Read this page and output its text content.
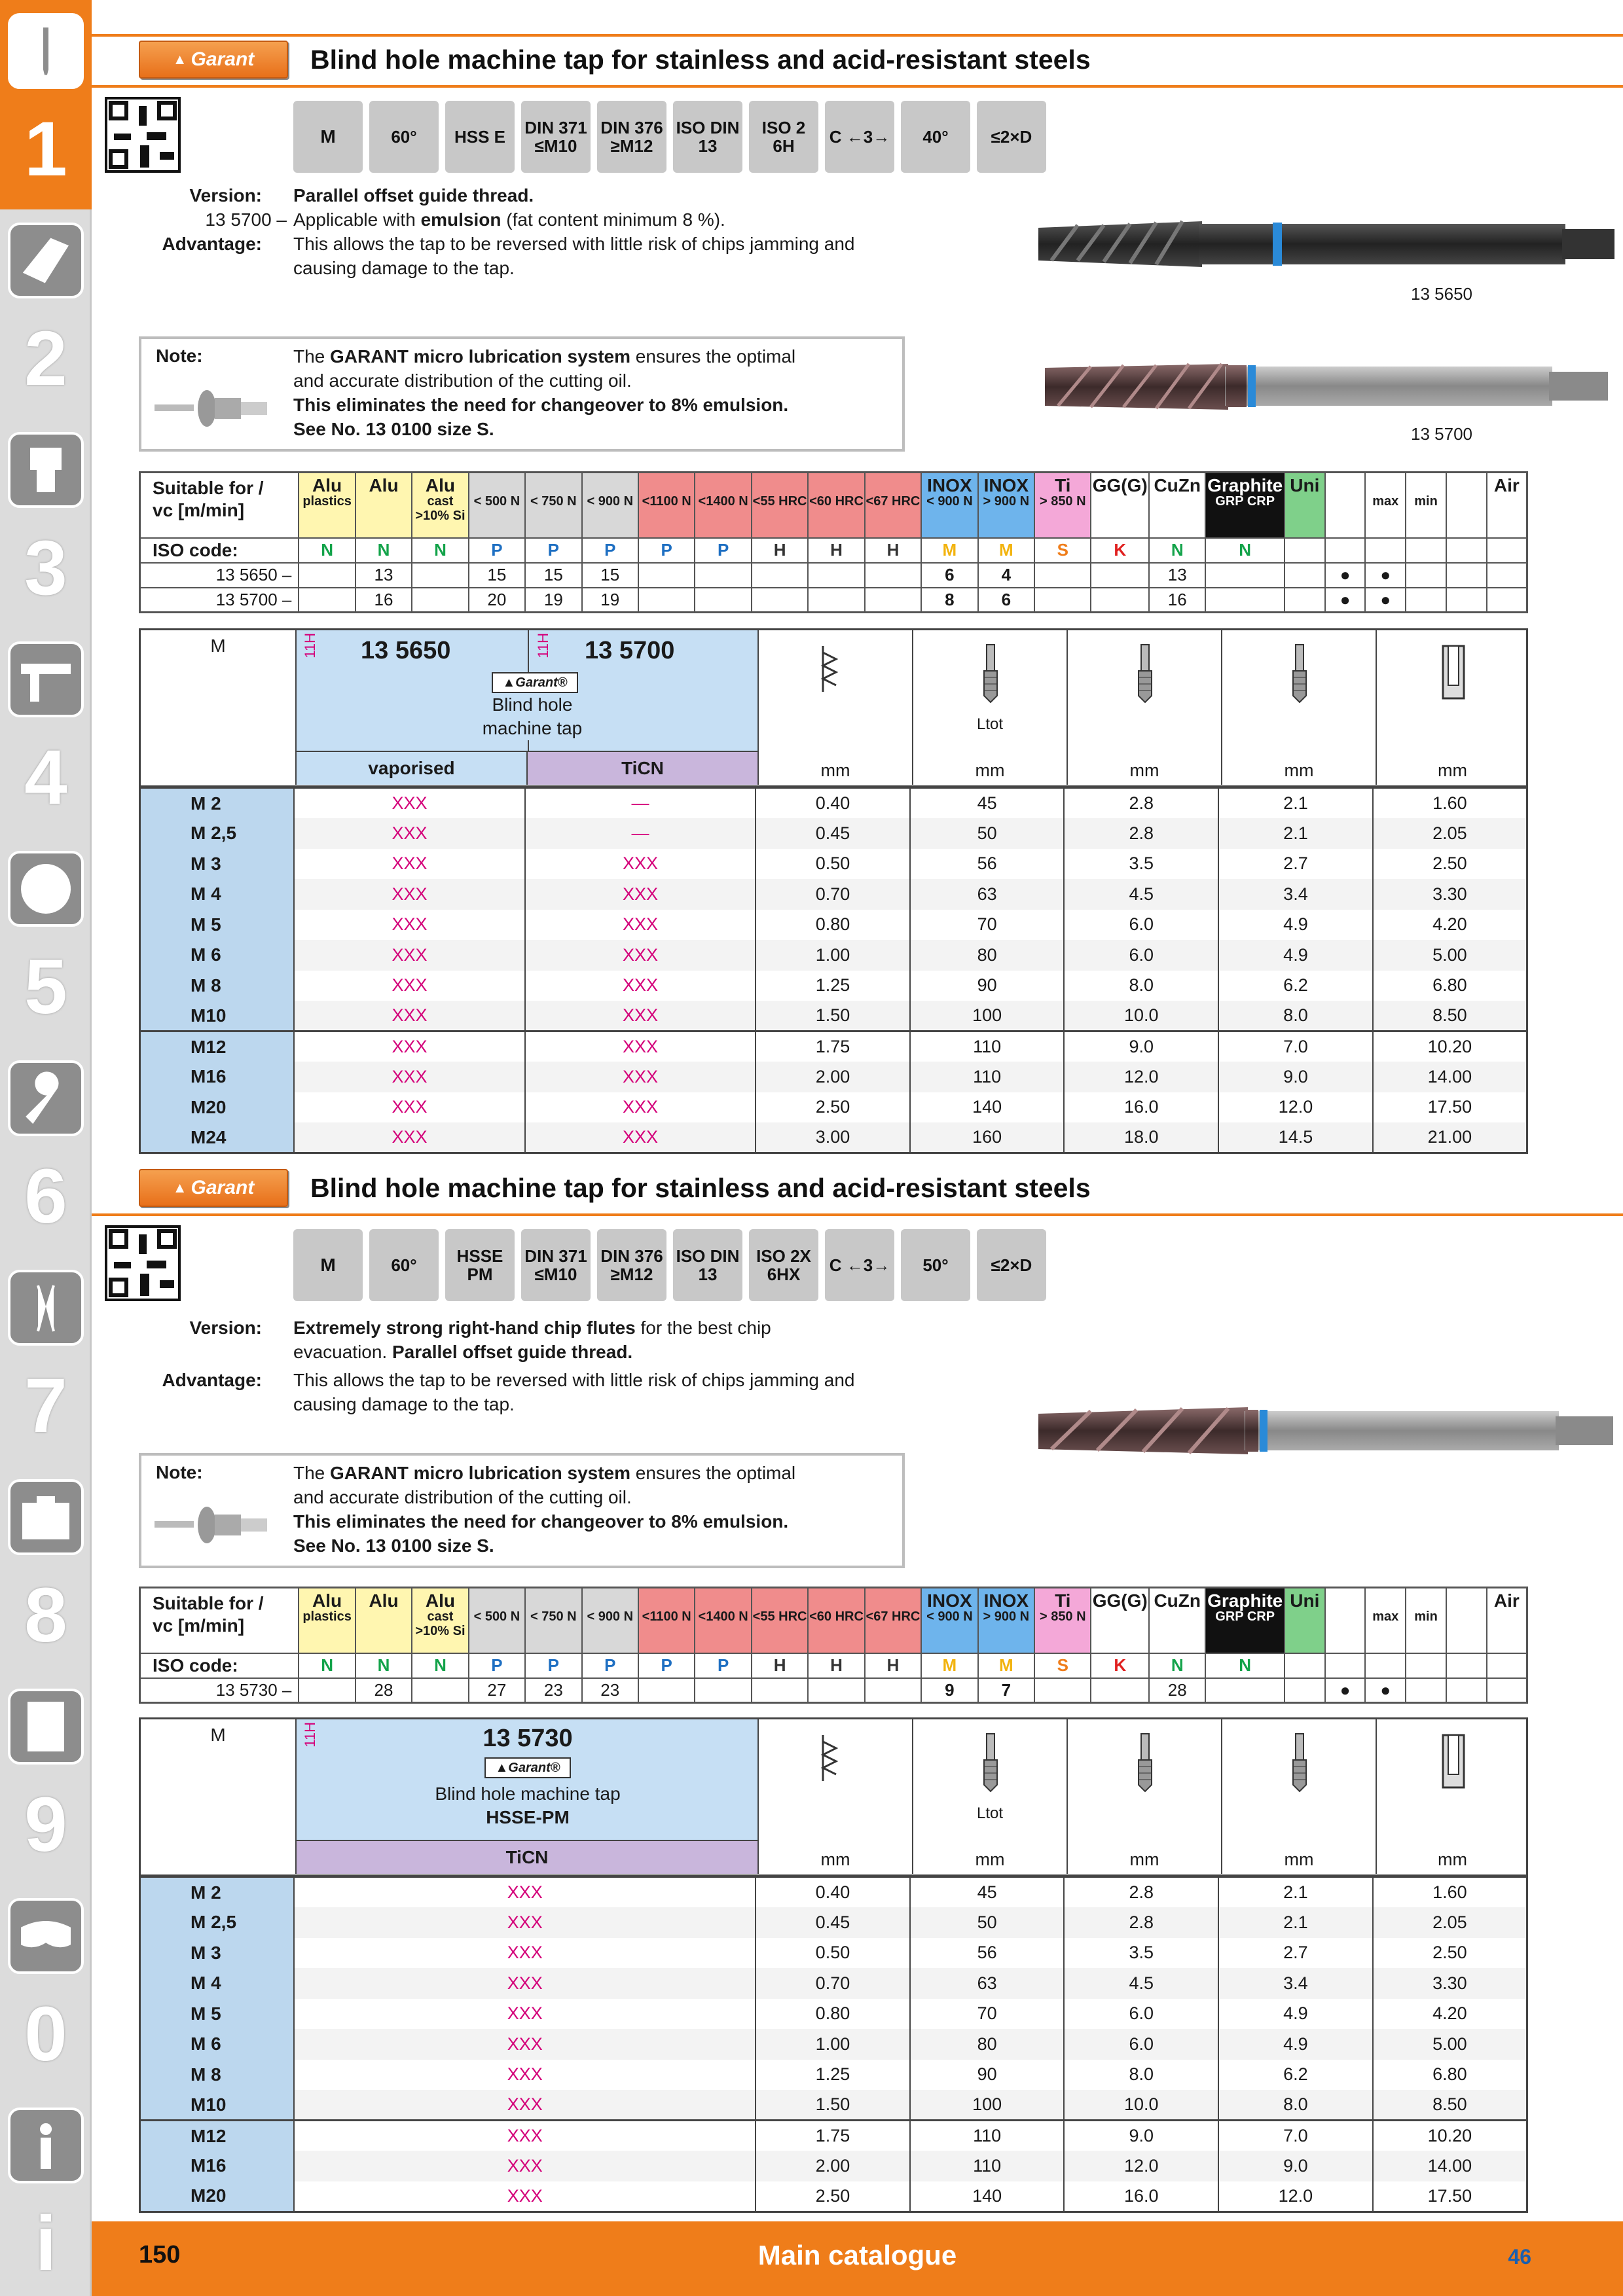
1
2
3
4
5
6
7
8
9
0
i
▲ Garant Blind hole machine tap for stainless and acid-resistant steels
M	60°	HSS E	DIN 371 ≤M10
DIN 376 ≥M12
ISO DIN 13
ISO 2 6H	C ←3→	40°	≤2×D
Version: Parallel offset guide thread.
13 5700 – Applicable with emulsion (fat content minimum 8 %).
Advantage: This allows the tap to be reversed with little risk of chips jamming and
causing damage to the tap.
13 5650
13 5700
Note:	The GARANT micro lubrication system ensures the optimal
and accurate distribution of the cutting oil.
This eliminates the need for changeover to 8% emulsion.
See No. 13 0100 size S.
Suitable for /
vc [m/min]	Alu
plastics	Alu	Alu
cast >10% Si	< 500 N	< 750 N	< 900 N	<1100 N	<1400 N	<55 HRC	<60 HRC	<67 HRC	INOX
< 900 N	INOX
> 900 N	Ti
> 850 N	GG(G)	CuZn	Graphite
GRP CRP	Uni		max	min		Air

ISO code:	N	N	N	P	P	P	P	P	H	H	H	M	M	S	K	N	N						
13 5650 –		13		15	15	15						6	4			13			●	●			
13 5700 –		16		20	19	19						8	6			16			●	●			
M	11H 13 5650	11H 13 5700
▲Garant®
Blind hole
machine tap
vaporised	TiCN	mm
Ltot
mm	mm	mm	mm
M 2	XXX	—	0.40	45	2.8	2.1	1.60
M 2,5	XXX	—	0.45	50	2.8	2.1	2.05
M 3	XXX	XXX	0.50	56	3.5	2.7	2.50
M 4	XXX	XXX	0.70	63	4.5	3.4	3.30
M 5	XXX	XXX	0.80	70	6.0	4.9	4.20
M 6	XXX	XXX	1.00	80	6.0	4.9	5.00
M 8	XXX	XXX	1.25	90	8.0	6.2	6.80
M10	XXX	XXX	1.50	100	10.0	8.0	8.50
M12	XXX	XXX	1.75	110	9.0	7.0	10.20
M16	XXX	XXX	2.00	110	12.0	9.0	14.00
M20	XXX	XXX	2.50	140	16.0	12.0	17.50
M24	XXX	XXX	3.00	160	18.0	14.5	21.00
▲ Garant Blind hole machine tap for stainless and acid-resistant steels
M	60°	HSSE PM
DIN 371 ≤M10
DIN 376 ≥M12
ISO DIN 13
ISO 2X 6HX	C ←3→	50°	≤2×D
Version: Extremely strong right-hand chip flutes for the best chip
evacuation. Parallel offset guide thread.
Advantage: This allows the tap to be reversed with little risk of chips jamming and
causing damage to the tap.
Note:	The GARANT micro lubrication system ensures the optimal
and accurate distribution of the cutting oil.
This eliminates the need for changeover to 8% emulsion.
See No. 13 0100 size S.
Suitable for /
vc [m/min]	Alu
plastics	Alu	Alu
cast >10% Si	< 500 N	< 750 N	< 900 N	<1100 N	<1400 N	<55 HRC	<60 HRC	<67 HRC	INOX
< 900 N	INOX
> 900 N	Ti
> 850 N	GG(G)	CuZn	Graphite
GRP CRP	Uni		max	min		Air

ISO code:	N	N	N	P	P	P	P	P	H	H	H	M	M	S	K	N	N						
13 5730 –		28		27	23	23						9	7			28			●	●			
M	11H	13 5730
▲Garant®
Blind hole machine tap
HSSE-PM
TiCN	mm
Ltot
mm	mm	mm	mm
M 2	XXX	0.40	45	2.8	2.1	1.60
M 2,5	XXX	0.45	50	2.8	2.1	2.05
M 3	XXX	0.50	56	3.5	2.7	2.50
M 4	XXX	0.70	63	4.5	3.4	3.30
M 5	XXX	0.80	70	6.0	4.9	4.20
M 6	XXX	1.00	80	6.0	4.9	5.00
M 8	XXX	1.25	90	8.0	6.2	6.80
M10	XXX	1.50	100	10.0	8.0	8.50
M12	XXX	1.75	110	9.0	7.0	10.20
M16	XXX	2.00	110	12.0	9.0	14.00
M20	XXX	2.50	140	16.0	12.0	17.50
150	Main catalogue	46
